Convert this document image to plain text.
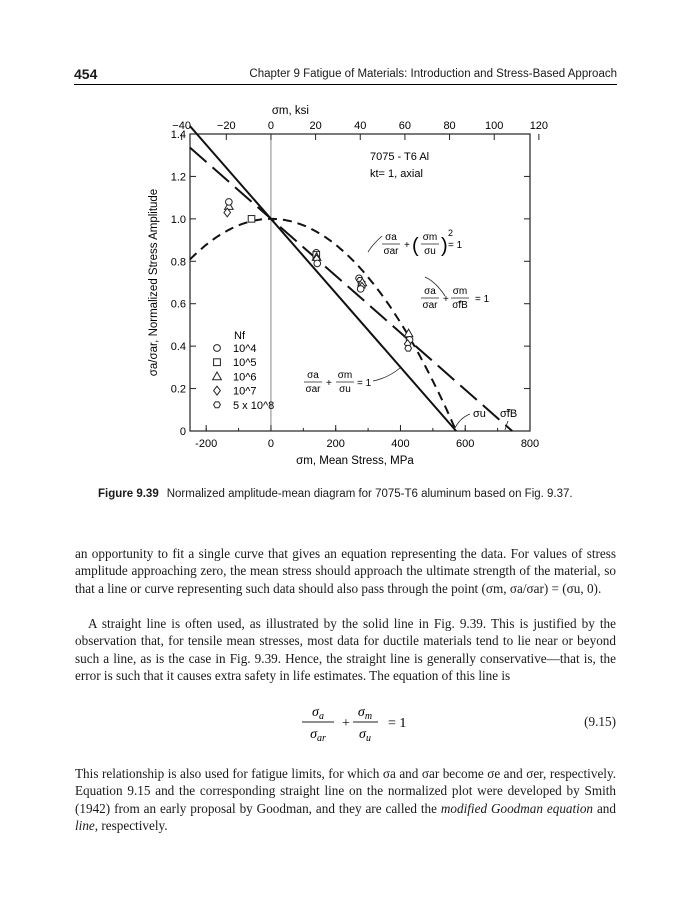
454	Chapter 9 Fatigue of Materials: Introduction and Stress-Based Approach
-200	0	200	400	600	800
−40 −20	0	20	40	60	80	100 120
0
0.2
0.4
0.6
0.8
1.0
1.2
1.4
σm, Mean Stress, MPa
σm, ksi
σa/σar, Normalized Stress Amplitude	Nf
10^4
10^5
10^6
10^7
5 x 10^8
7075 - T6 Al
kt= 1, axial
σa
σar
+ ( σm
σu )
2
= 1
σa
σar
+
σm
σ̃fB
= 1
σa
σar
+
σm
σu
= 1
σu σ̃fB
Figure 9.39 Normalized amplitude-mean diagram for 7075-T6 aluminum based on Fig. 9.37.

an opportunity to fit a single curve that gives an equation representing the data. For values of stress amplitude approaching zero, the mean stress should approach the ultimate strength of the material, so that a line or curve representing such data should also pass through the point (σm, σa/σar) = (σu, 0).

A straight line is often used, as illustrated by the solid line in Fig. 9.39. This is justified by the observation that, for tensile mean stresses, most data for ductile materials tend to lie near or beyond such a line, as is the case in Fig. 9.39. Hence, the straight line is generally conservative—that is, the error is such that it causes extra safety in life estimates. The equation of this line is

$\sigma_a$
$\sigma_{ar}$
+
$\sigma_m$
$\sigma_u$
= 1	(9.15)

This relationship is also used for fatigue limits, for which σa and σar become σe and σer, respectively. Equation 9.15 and the corresponding straight line on the normalized plot were developed by Smith (1942) from an early proposal by Goodman, and they are called the modified Goodman equation and line, respectively.
